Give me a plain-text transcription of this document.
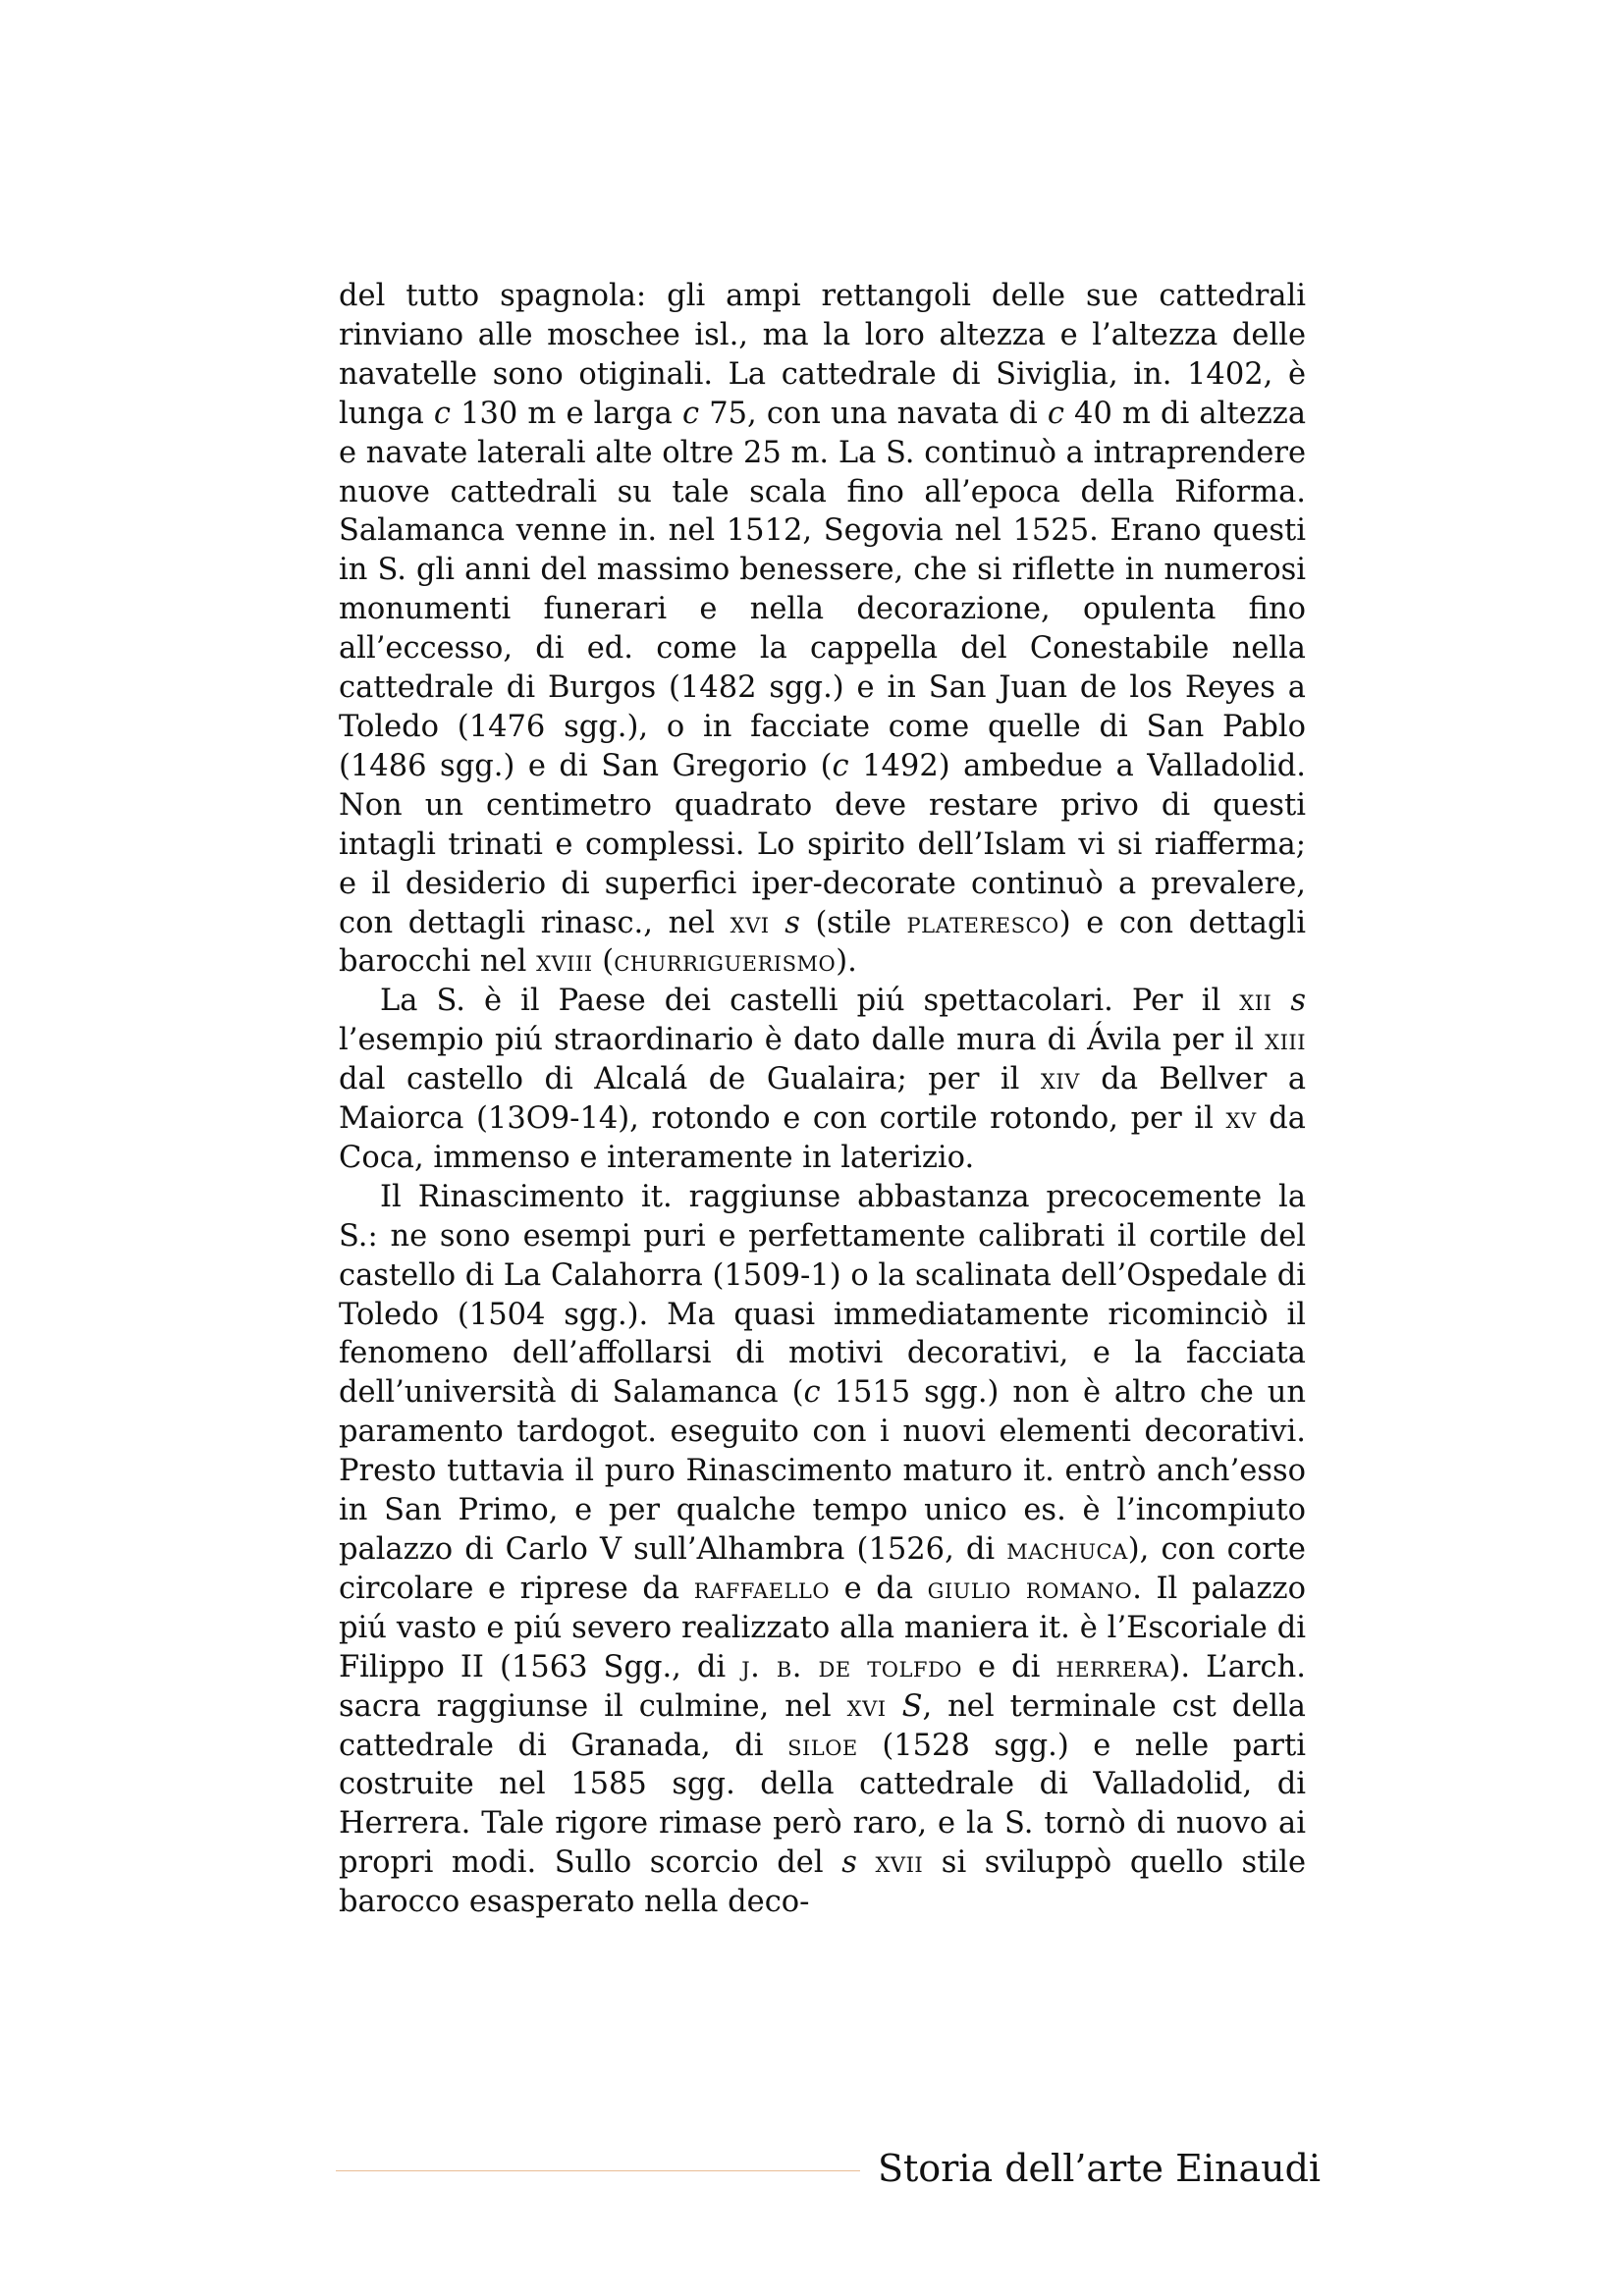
del tutto spagnola: gli ampi rettangoli delle sue cattedrali rinviano alle moschee isl., ma la loro altezza e l’altezza delle navatelle sono otiginali. La cattedrale di Siviglia, in. 1402, è lunga c 130 m e larga c 75, con una navata di c 40 m di altezza e navate laterali alte oltre 25 m. La S. continuò a intraprendere nuove cattedrali su tale scala fino all’epoca della Riforma. Salamanca venne in. nel 1512, Segovia nel 1525. Erano questi in S. gli anni del massimo benessere, che si riflette in numerosi monumenti funerari e nella decorazione, opulenta fino all’eccesso, di ed. come la cappella del Conestabile nella cattedrale di Burgos (1482 sgg.) e in San Juan de los Reyes a Toledo (1476 sgg.), o in facciate come quelle di San Pablo (1486 sgg.) e di San Gregorio (c 1492) ambedue a Valladolid. Non un centimetro quadrato deve restare privo di questi intagli trinati e complessi. Lo spirito dell’Islam vi si riafferma; e il desiderio di superfici iper-decorate continuò a prevalere, con dettagli rinasc., nel xvi s (stile plateresco) e con dettagli barocchi nel xviii (churriguerismo).

La S. è il Paese dei castelli piú spettacolari. Per il xii s l’esempio piú straordinario è dato dalle mura di Ávila per il xiii dal castello di Alcalá de Gualaira; per il xiv da Bellver a Maiorca (13O9-14), rotondo e con cortile rotondo, per il xv da Coca, immenso e interamente in laterizio.

Il Rinascimento it. raggiunse abbastanza precocemente la S.: ne sono esempi puri e perfettamente calibrati il cortile del castello di La Calahorra (1509-1) o la scalinata dell’Ospedale di Toledo (1504 sgg.). Ma quasi immediatamente ricominciò il fenomeno dell’affollarsi di motivi decorativi, e la facciata dell’università di Salamanca (c 1515 sgg.) non è altro che un paramento tardogot. eseguito con i nuovi elementi decorativi. Presto tuttavia il puro Rinascimento maturo it. entrò anch’esso in San Primo, e per qualche tempo unico es. è l’incompiuto palazzo di Carlo V sull’Alhambra (1526, di machuca), con corte circolare e riprese da raffaello e da giulio romano. Il palazzo piú vasto e piú severo realizzato alla maniera it. è l’Escoriale di Filippo II (1563 Sgg., di j. b. de tolfdo e di herrera). L’arch. sacra raggiunse il culmine, nel xvi S, nel terminale cst della cattedrale di Granada, di siloe (1528 sgg.) e nelle parti costruite nel 1585 sgg. della cattedrale di Valladolid, di Herrera. Tale rigore rimase però raro, e la S. tornò di nuovo ai propri modi. Sullo scorcio del s xvii si sviluppò quello stile barocco esasperato nella deco-

Storia dell’arte Einaudi
